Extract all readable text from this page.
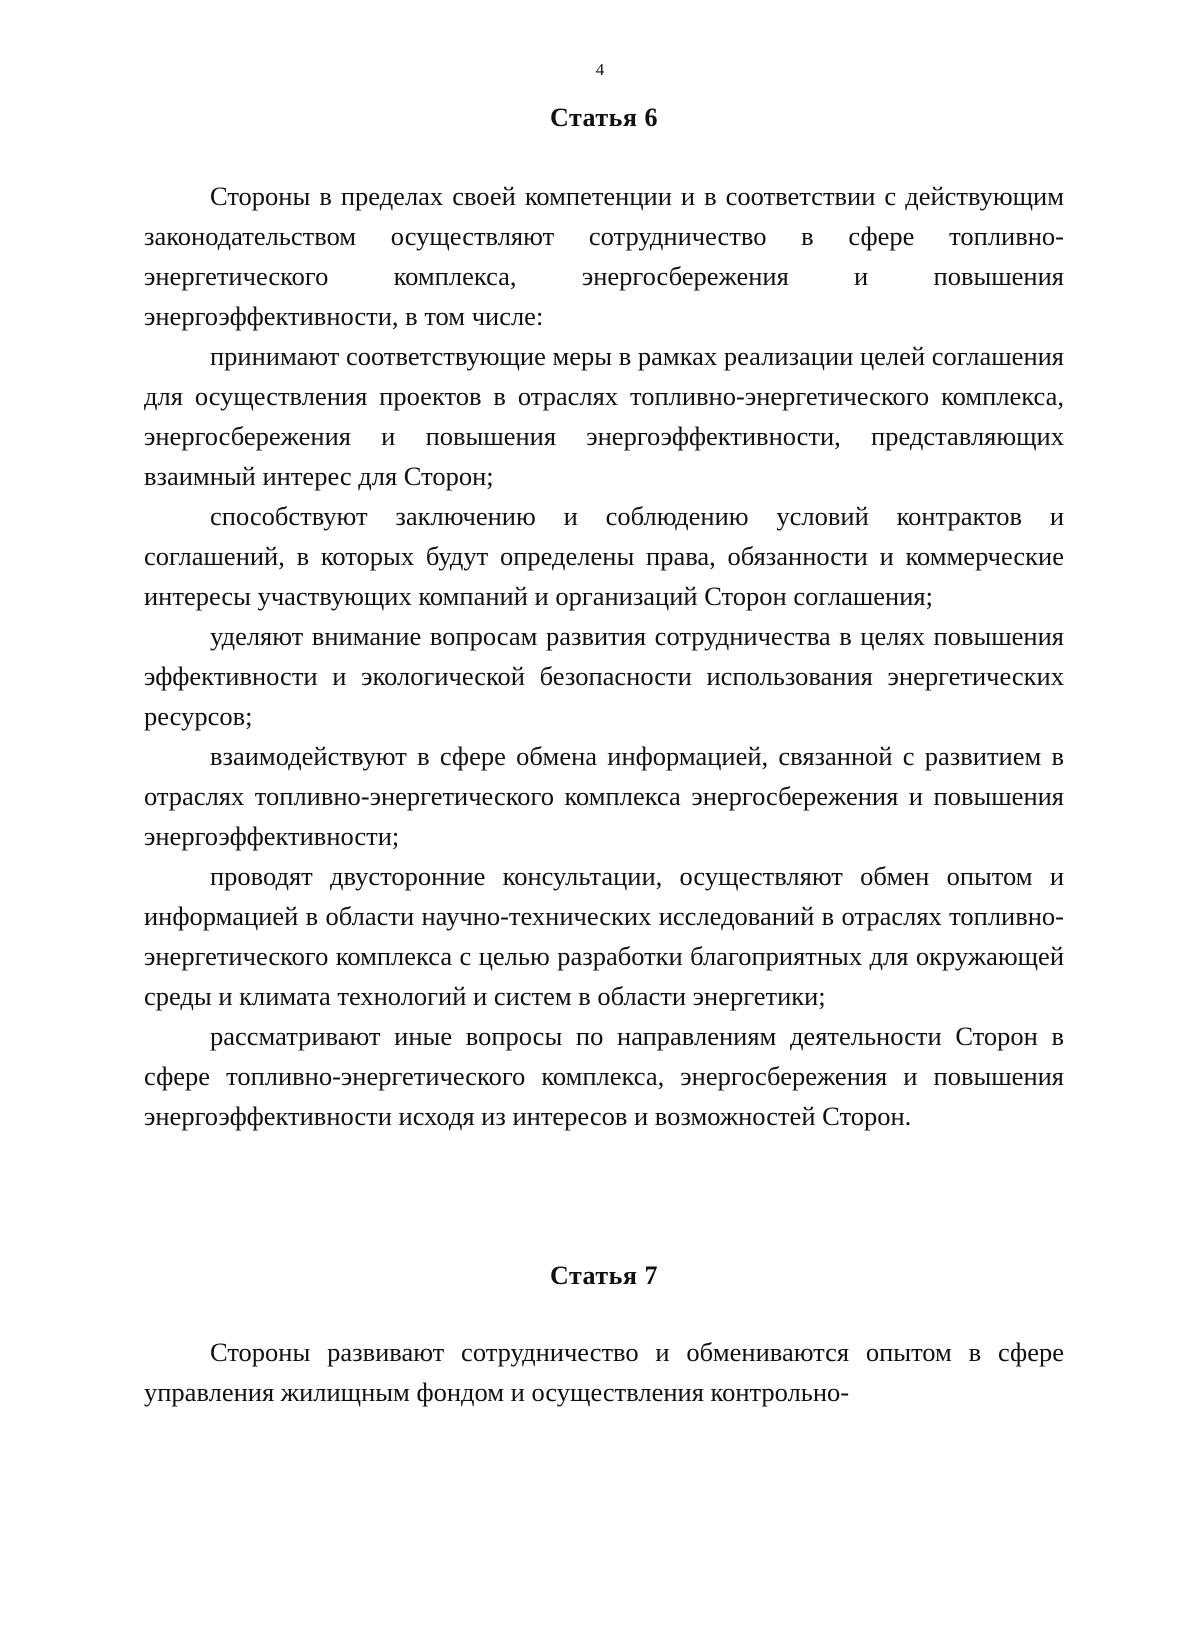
4
Статья 6

Стороны в пределах своей компетенции и в соответствии с действующим законодательством осуществляют сотрудничество в сфере топливно-энергетического комплекса, энергосбережения и повышения энергоэффективности, в том числе:

принимают соответствующие меры в рамках реализации целей соглашения для осуществления проектов в отраслях топливно-энергетического комплекса, энергосбережения и повышения энергоэффективности, представляющих взаимный интерес для Сторон;

способствуют заключению и соблюдению условий контрактов и соглашений, в которых будут определены права, обязанности и коммерческие интересы участвующих компаний и организаций Сторон соглашения;

уделяют внимание вопросам развития сотрудничества в целях повышения эффективности и экологической безопасности использования энергетических ресурсов;

взаимодействуют в сфере обмена информацией, связанной с развитием в отраслях топливно-энергетического комплекса энергосбережения и повышения энергоэффективности;

проводят двусторонние консультации, осуществляют обмен опытом и информацией в области научно-технических исследований в отраслях топливно-энергетического комплекса с целью разработки благоприятных для окружающей среды и климата технологий и систем в области энергетики;

рассматривают иные вопросы по направлениям деятельности Сторон в сфере топливно-энергетического комплекса, энергосбережения и повышения энергоэффективности исходя из интересов и возможностей Сторон.

Статья 7

Стороны развивают сотрудничество и обмениваются опытом в сфере управления жилищным фондом и осуществления контрольно-
